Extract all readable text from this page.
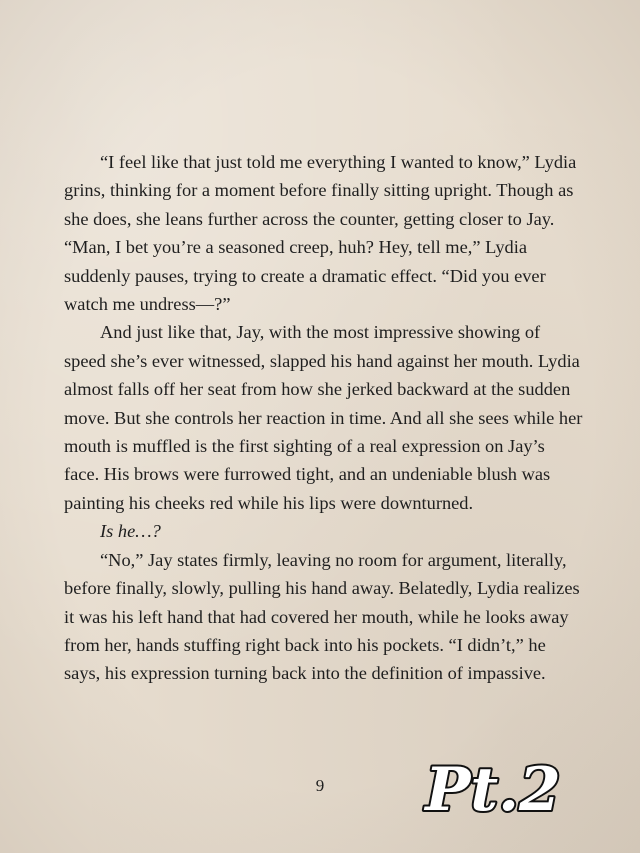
“I feel like that just told me everything I wanted to know,” Lydia grins, thinking for a moment before finally sitting upright. Though as she does, she leans further across the counter, getting closer to Jay. “Man, I bet you’re a seasoned creep, huh? Hey, tell me,” Lydia suddenly pauses, trying to create a dramatic effect. “Did you ever watch me undress—?”

And just like that, Jay, with the most impressive showing of speed she’s ever witnessed, slapped his hand against her mouth. Lydia almost falls off her seat from how she jerked backward at the sudden move. But she controls her reaction in time. And all she sees while her mouth is muffled is the first sighting of a real expression on Jay’s face. His brows were furrowed tight, and an undeniable blush was painting his cheeks red while his lips were downturned.

Is he…?

“No,” Jay states firmly, leaving no room for argument, literally, before finally, slowly, pulling his hand away. Belatedly, Lydia realizes it was his left hand that had covered her mouth, while he looks away from her, hands stuffing right back into his pockets. “I didn’t,” he says, his expression turning back into the definition of impassive.

9	Pt.2
